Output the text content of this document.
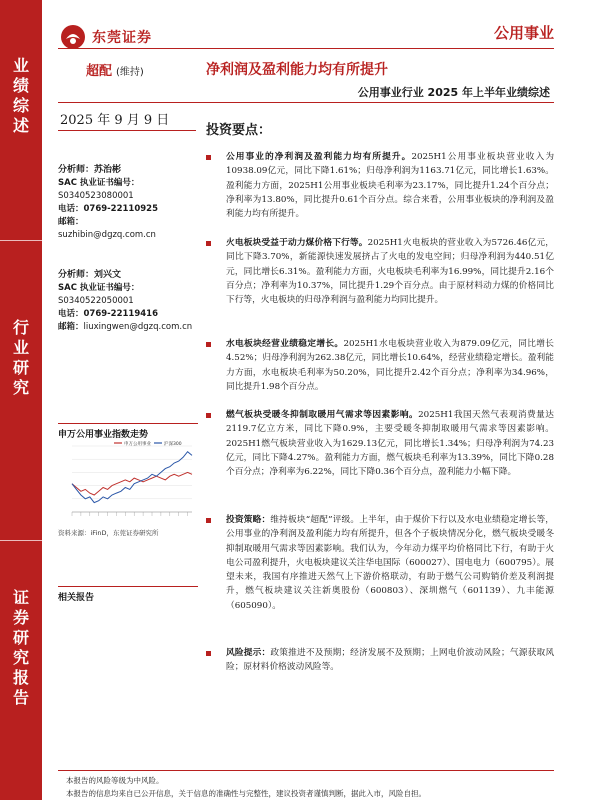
业
绩
综
述
行
业
研
究
证
券
研
究
报
告
东莞证券	公用事业
超配 (维持)	净利润及盈利能力均有所提升
公用事业行业 2025 年上半年业绩综述
2025 年 9 月 9 日
分析师：苏治彬
SAC 执业证书编号：
S0340523080001
电话：0769-22110925
邮箱：
suzhibin@dgzq.com.cn
分析师：刘兴文
SAC 执业证书编号：
S0340522050001
电话：0769-22119416
邮箱：liuxingwen@dgzq.com.cn
申万公用事业指数走势
申万公用事业	沪深300
资料来源：iFinD，东莞证券研究所
相关报告
投资要点：
公用事业的净利润及盈利能力均有所提升。2025H1公用事业板块营业收入为10938.09亿元，同比下降1.61%；归母净利润为1163.71亿元，同比增长1.63%。盈利能力方面，2025H1公用事业板块毛利率为23.17%，同比提升1.24个百分点；净利率为13.80%，同比提升0.61个百分点。综合来看，公用事业板块的净利润及盈利能力均有所提升。
火电板块受益于动力煤价格下行等。2025H1火电板块的营业收入为5726.46亿元，同比下降3.70%，新能源快速发展挤占了火电的发电空间；归母净利润为440.51亿元，同比增长6.31%。盈利能力方面，火电板块毛利率为16.99%，同比提升2.16个百分点；净利率为10.37%，同比提升1.29个百分点。由于原材料动力煤的价格同比下行等，火电板块的归母净利润与盈利能力均同比提升。
水电板块经营业绩稳定增长。2025H1水电板块营业收入为879.09亿元，同比增长4.52%；归母净利润为262.38亿元，同比增长10.64%，经营业绩稳定增长。盈利能力方面，水电板块毛利率为50.20%，同比提升2.42个百分点；净利率为34.96%，同比提升1.98个百分点。
燃气板块受暖冬抑制取暖用气需求等因素影响。2025H1我国天然气表观消费量达2119.7亿立方米，同比下降0.9%，主要受暖冬抑制取暖用气需求等因素影响。2025H1燃气板块营业收入为1629.13亿元，同比增长1.34%；归母净利润为74.23亿元，同比下降4.27%。盈利能力方面，燃气板块毛利率为13.39%，同比下降0.28个百分点；净利率为6.22%，同比下降0.36个百分点，盈利能力小幅下降。
投资策略：维持板块“超配”评级。上半年，由于煤价下行以及水电业绩稳定增长等，公用事业的净利润及盈利能力均有所提升，但各个子板块情况分化，燃气板块受暖冬抑制取暖用气需求等因素影响。我们认为，今年动力煤平均价格同比下行，有助于火电公司盈利提升，火电板块建议关注华电国际（600027）、国电电力（600795）。展望未来，我国有序推进天然气上下游价格联动，有助于燃气公司购销价差及利润提升，燃气板块建议关注新奥股份（600803）、深圳燃气（601139）、九丰能源（605090）。
风险提示：政策推进不及预期；经济发展不及预期；上网电价波动风险；气源获取风险；原材料价格波动风险等。
本报告的风险等级为中风险。
本报告的信息均来自已公开信息，关于信息的准确性与完整性，建议投资者谨慎判断，据此入市，风险自担。
